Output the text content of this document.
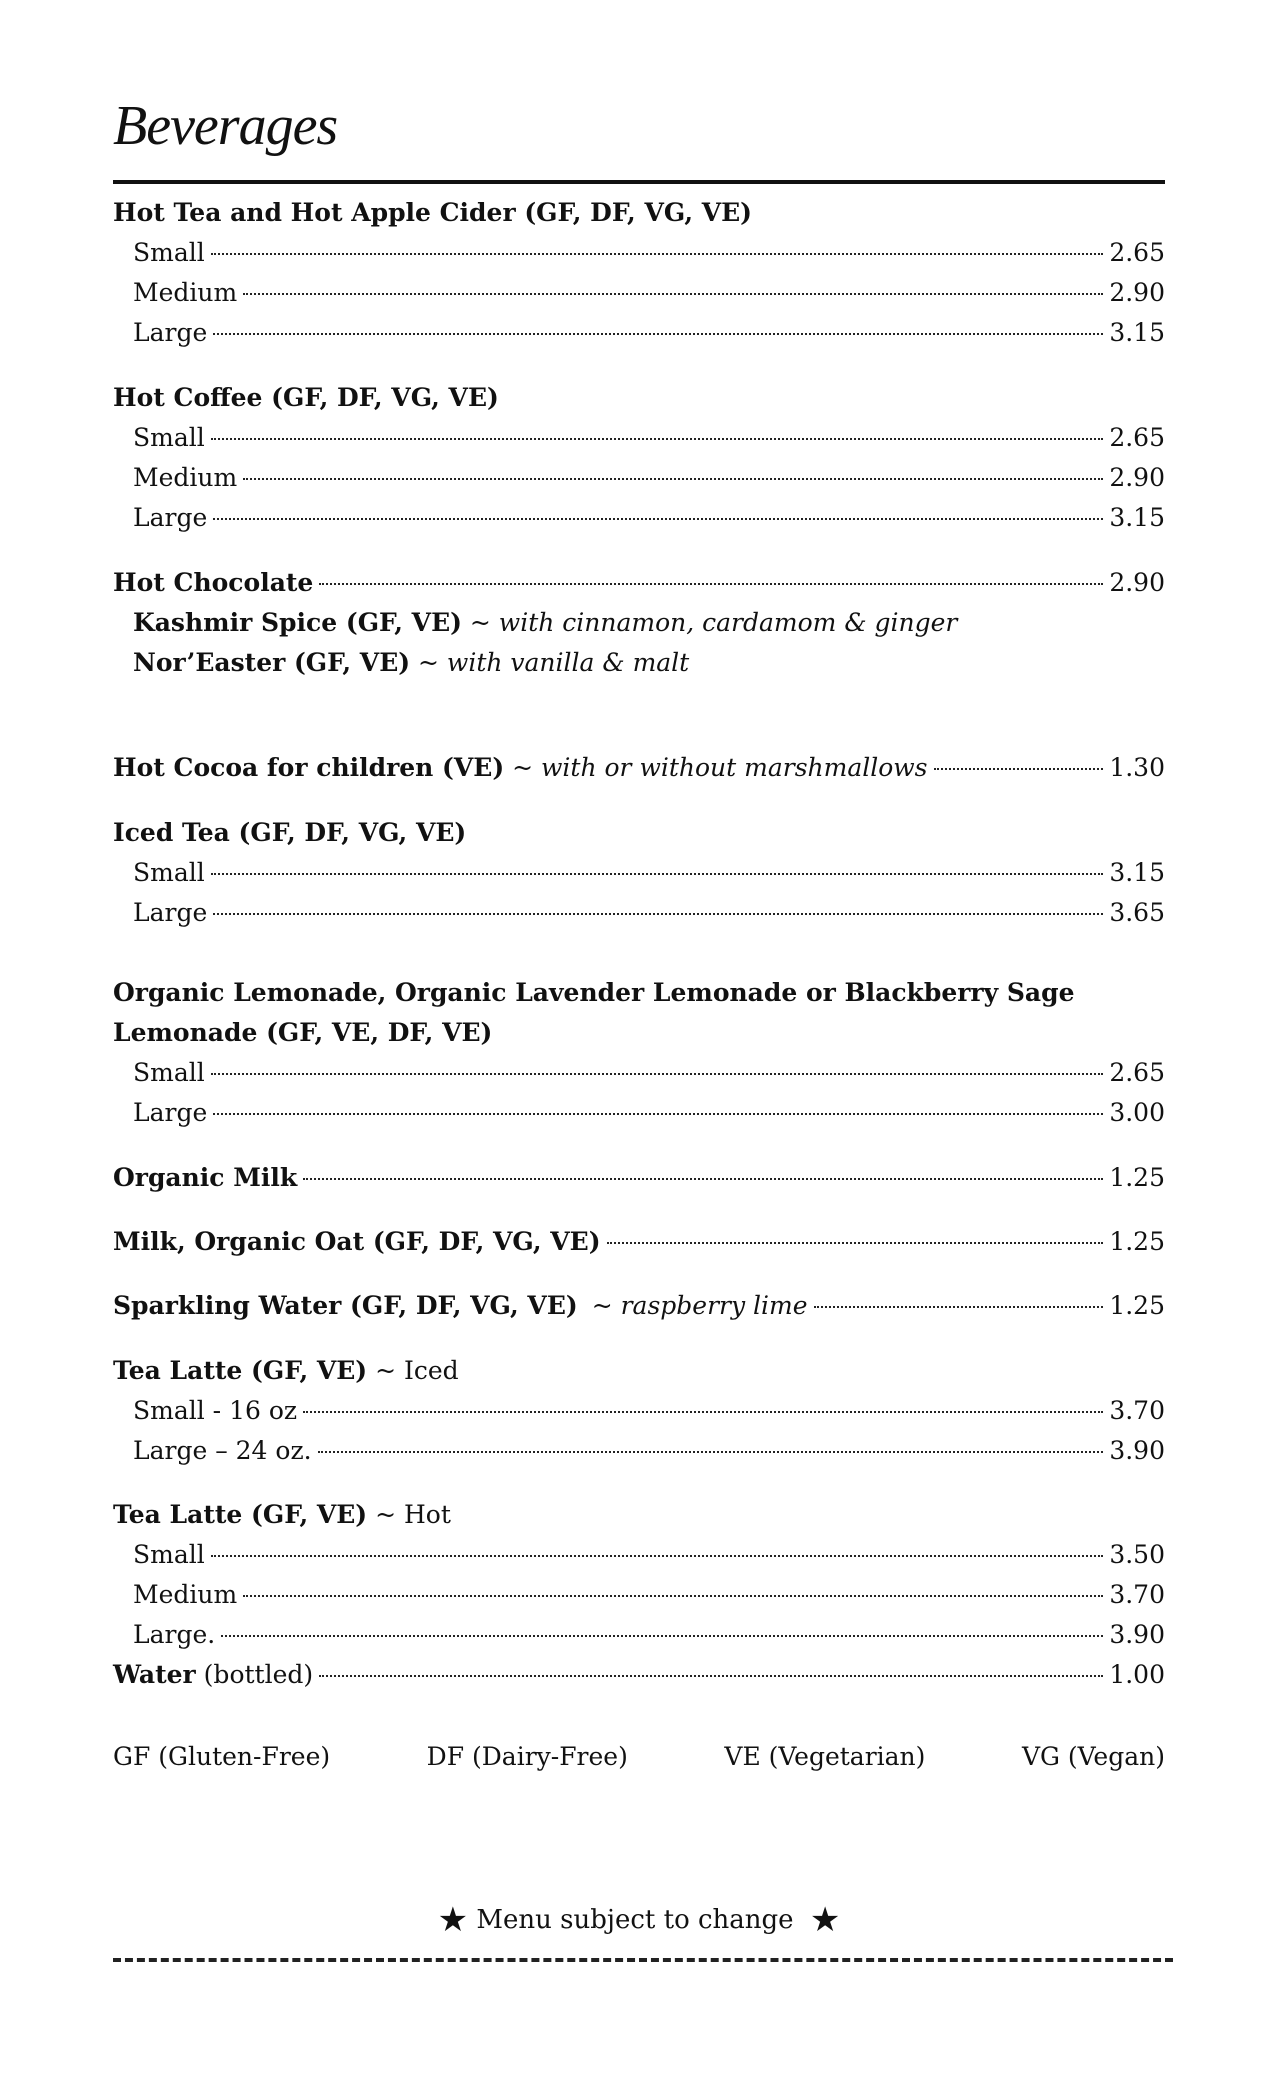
Beverages
Hot Tea and Hot Apple Cider (GF, DF, VG, VE)
Small	2.65
Medium	2.90
Large	3.15
Hot Coffee (GF, DF, VG, VE)
Small	2.65
Medium	2.90
Large	3.15
Hot Chocolate	2.90
Kashmir Spice (GF, VE) ~ with cinnamon, cardamom & ginger
Nor’Easter (GF, VE) ~ with vanilla & malt
Hot Cocoa for children (VE) ~ with or without marshmallows	1.30
Iced Tea (GF, DF, VG, VE)
Small	3.15
Large	3.65
Organic Lemonade, Organic Lavender Lemonade or Blackberry Sage
Lemonade (GF, VE, DF, VE)
Small	2.65
Large	3.00
Organic Milk	1.25
Milk, Organic Oat (GF, DF, VG, VE)	1.25
Sparkling Water (GF, DF, VG, VE) ~ raspberry lime	1.25
Tea Latte (GF, VE) ~ Iced
Small - 16 oz	3.70
Large – 24 oz.	3.90
Tea Latte (GF, VE) ~ Hot
Small	3.50
Medium	3.70
Large.	3.90
Water (bottled)	1.00
GF (Gluten-Free)	DF (Dairy-Free)	VE (Vegetarian)	VG (Vegan)
★ Menu subject to change ★
